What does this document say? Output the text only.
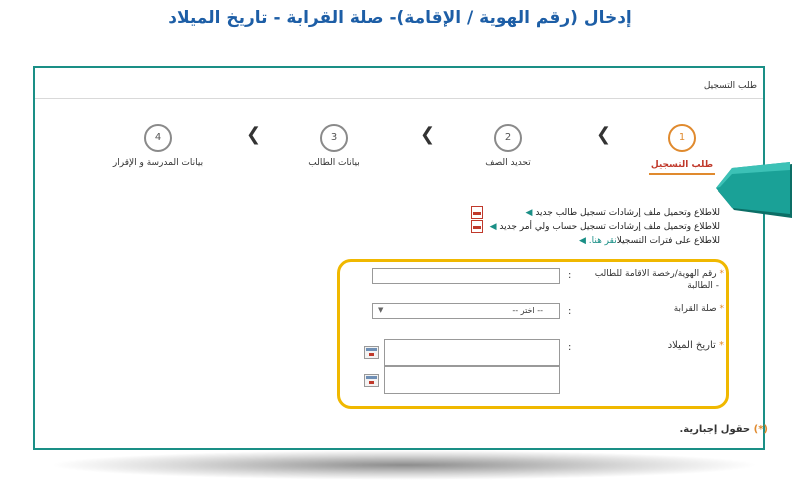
إدخال (رقم الهوية / الإقامة)- صلة القرابة - تاريخ الميلاد
طلب التسجيل
1
طلب التسجيل
❮
2
تحديد الصف
❮
3
بيانات الطالب
❮
4
بيانات المدرسة و الإقرار
للاطلاع وتحميل ملف إرشادات تسجيل طالب جديد ◀
للاطلاع وتحميل ملف إرشادات تسجيل حساب ولي أمر جديد ◀
للاطلاع على فترات التسجيلانقر هنا. ◀
* رقم الهوية/رخصة الاقامة للطالب
- الطالبة
:
* صلة القرابة
:
-- اختر --
▼
* تاريخ الميلاد
:
(*) حقول إجبارية.
